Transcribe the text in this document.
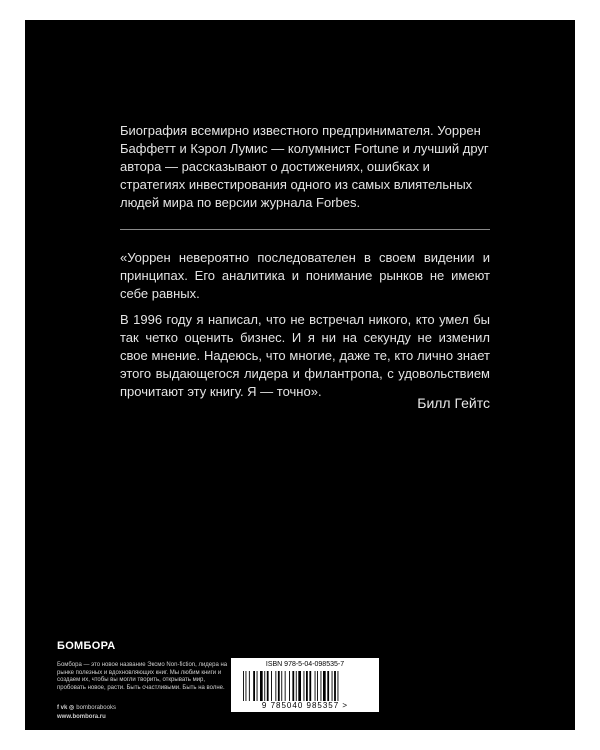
Биография всемирно известного предпринимателя. Уоррен Баффетт и Кэрол Лумис — колумнист Fortune и лучший друг автора — рассказывают о достижениях, ошибках и стратегиях инвестирования одного из самых влиятельных людей мира по версии журнала Forbes.

«Уоррен невероятно последователен в своем видении и принципах. Его аналитика и понимание рынков не имеют себе равных.

В 1996 году я написал, что не встречал никого, кто умел бы так четко оценить бизнес. И я ни на секунду не изменил свое мнение. Надеюсь, что многие, даже те, кто лично знает этого выдающегося лидера и филантропа, с удовольствием прочитают эту книгу. Я — точно».

Билл Гейтс
БОМБОРА

Бомбора — это новое название Эксмо Non-fiction, лидера на рынке полезных и вдохновляющих книг. Мы любим книги и создаем их, чтобы вы могли творить, открывать мир, пробовать новое, расти. Быть счастливыми. Быть на волне.

f vk ◎ bomborabooks
www.bombora.ru
ISBN 978-5-04-098535-7
9 785040 985357 >
